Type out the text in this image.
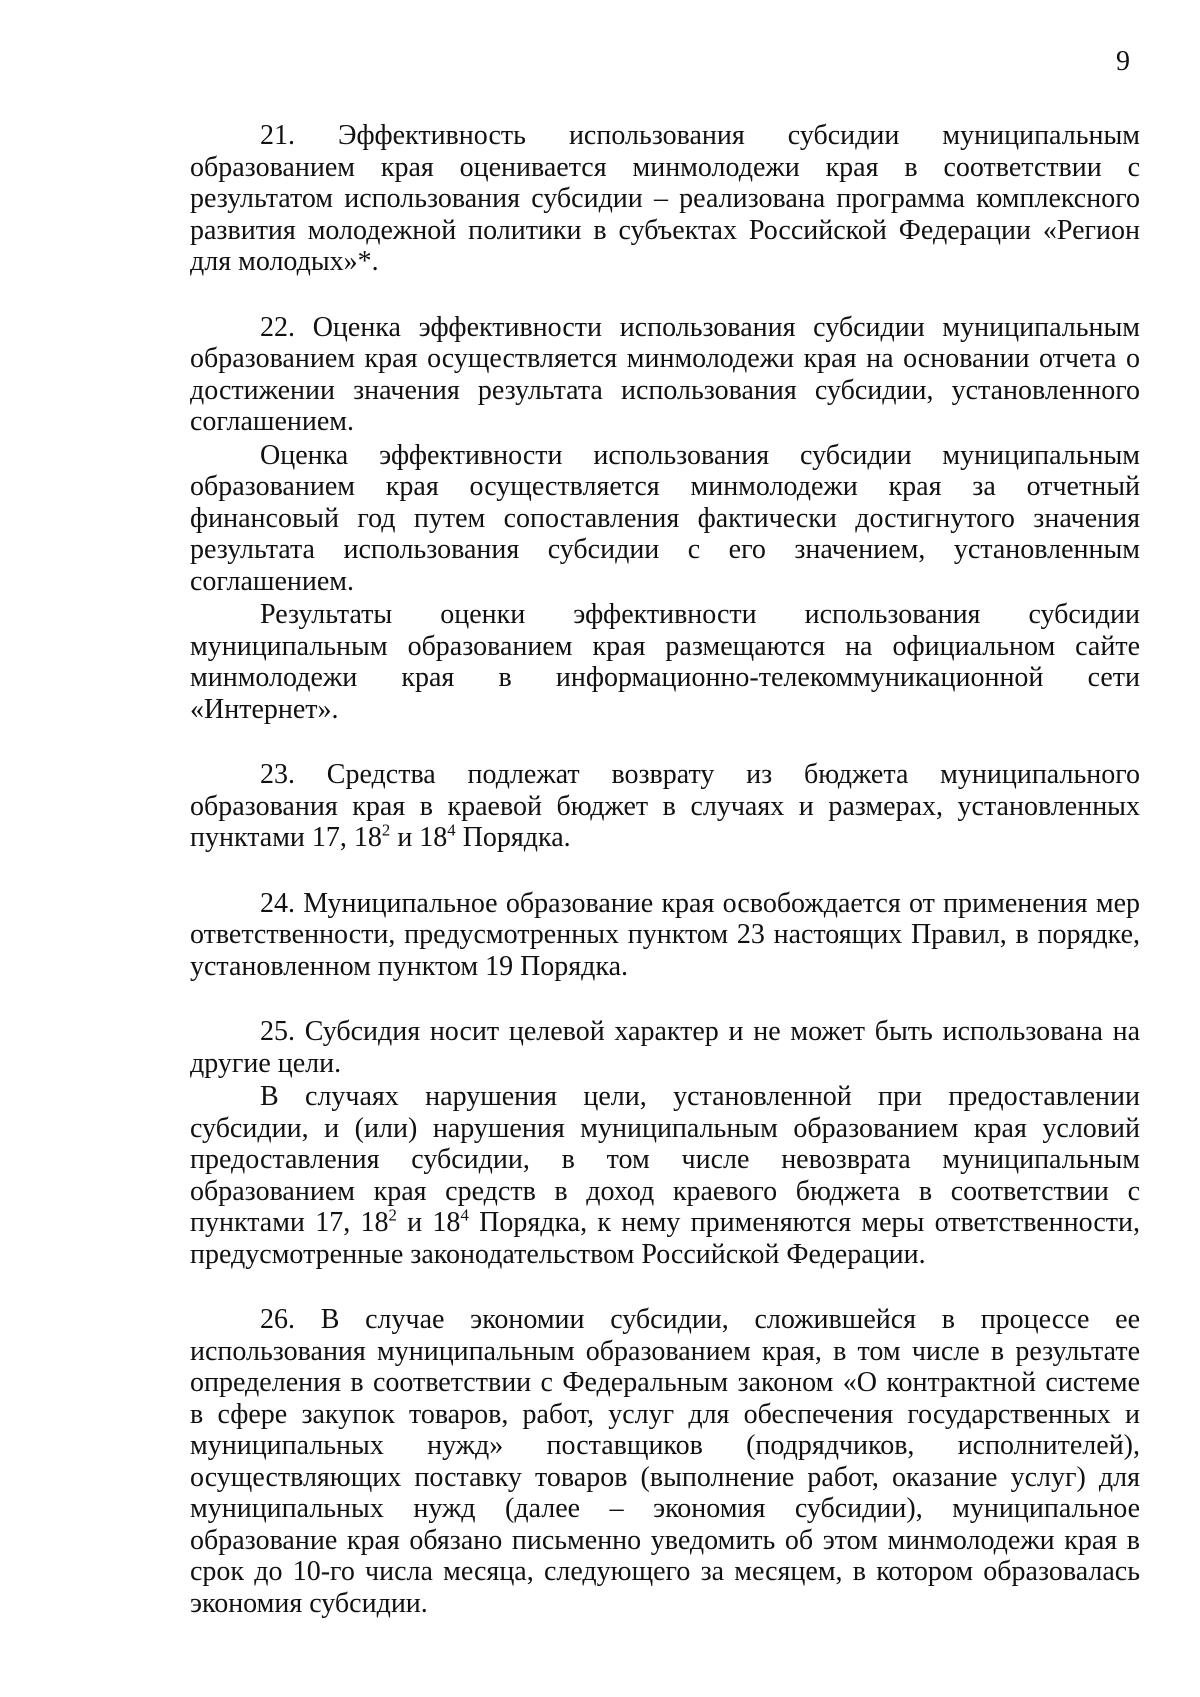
9

21. Эффективность использования субсидии муниципальным образованием края оценивается минмолодежи края в соответствии с результатом использования субсидии – реализована программа комплексного развития молодежной политики в субъектах Российской Федерации «Регион для молодых»*.

22. Оценка эффективности использования субсидии муниципальным образованием края осуществляется минмолодежи края на основании отчета о достижении значения результата использования субсидии, установленного соглашением.

Оценка эффективности использования субсидии муниципальным образованием края осуществляется минмолодежи края за отчетный финансовый год путем сопоставления фактически достигнутого значения результата использования субсидии с его значением, установленным соглашением.

Результаты оценки эффективности использования субсидии муниципальным образованием края размещаются на официальном сайте минмолодежи края в информационно-телекоммуникационной сети «Интернет».

23. Средства подлежат возврату из бюджета муниципального образования края в краевой бюджет в случаях и размерах, установленных пунктами 17, $18^2$ и $18^4$ Порядка.

24. Муниципальное образование края освобождается от применения мер ответственности, предусмотренных пунктом 23 настоящих Правил, в порядке, установленном пунктом 19 Порядка.

25. Субсидия носит целевой характер и не может быть использована на другие цели.

В случаях нарушения цели, установленной при предоставлении субсидии, и (или) нарушения муниципальным образованием края условий предоставления субсидии, в том числе невозврата муниципальным образованием края средств в доход краевого бюджета в соответствии с пунктами 17, $18^2$ и $18^4$ Порядка, к нему применяются меры ответственности, предусмотренные законодательством Российской Федерации.

26. В случае экономии субсидии, сложившейся в процессе ее использования муниципальным образованием края, в том числе в результате определения в соответствии с Федеральным законом «О контрактной системе в сфере закупок товаров, работ, услуг для обеспечения государственных и муниципальных нужд» поставщиков (подрядчиков, исполнителей), осуществляющих поставку товаров (выполнение работ, оказание услуг) для муниципальных нужд (далее – экономия субсидии), муниципальное образование края обязано письменно уведомить об этом минмолодежи края в срок до 10-го числа месяца, следующего за месяцем, в котором образовалась экономия субсидии.
